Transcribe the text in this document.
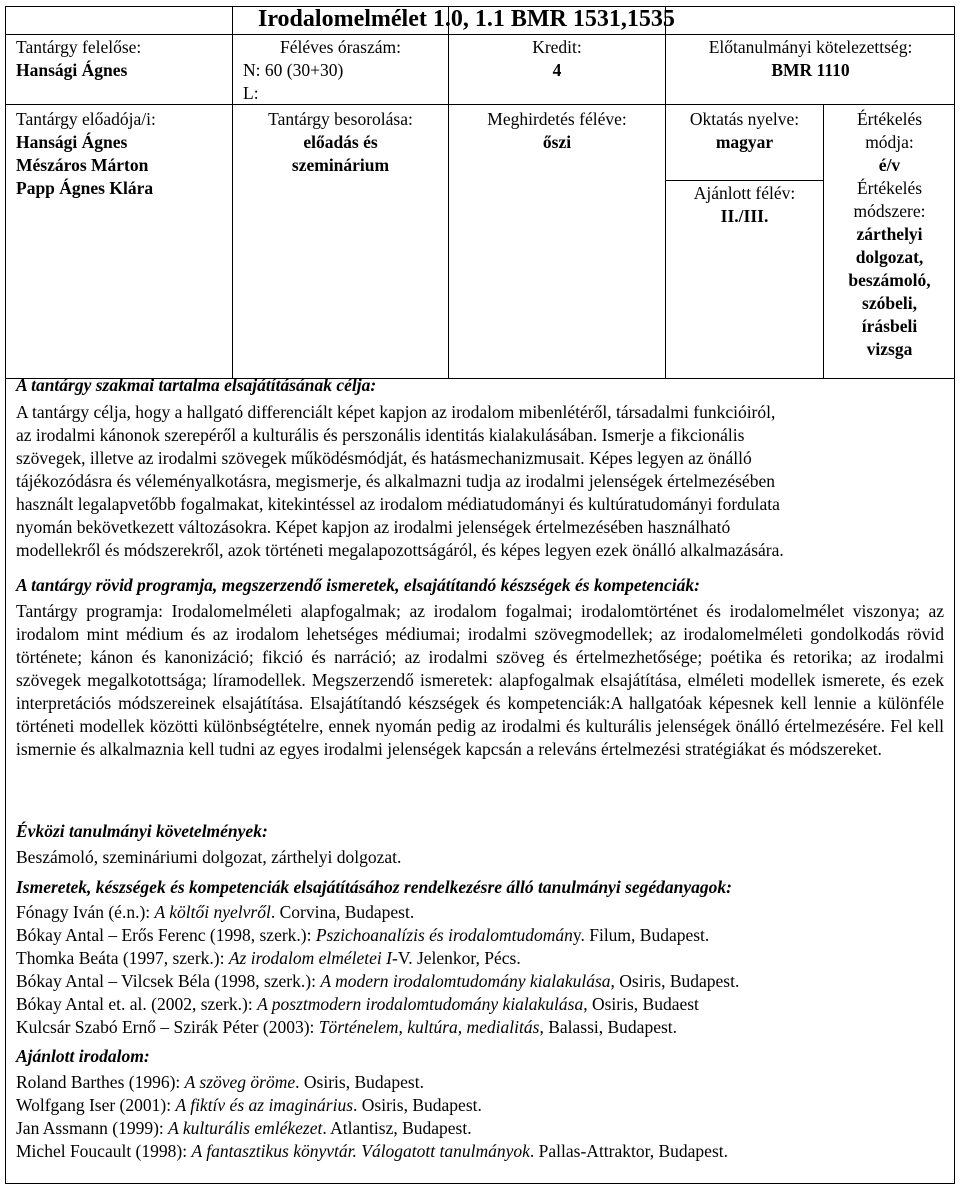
Irodalomelmélet 1.0, 1.1 BMR 1531,1535
Tantárgy felelőse:
Hansági Ágnes
Féléves óraszám:
N: 60 (30+30)
L:
Kredit:
4
Előtanulmányi kötelezettség:
BMR 1110
Tantárgy előadója/i:
Hansági Ágnes
Mészáros Márton
Papp Ágnes Klára
Tantárgy besorolása:
előadás és
szeminárium
Meghirdetés féléve:
őszi
Oktatás nyelve:
magyar
Ajánlott félév:
II./III.
Értékelés
módja:
é/v
Értékelés
módszere:
zárthelyi
dolgozat,
beszámoló,
szóbeli,
írásbeli
vizsga
A tantárgy szakmai tartalma elsajátításának célja:
A tantárgy célja, hogy a hallgató differenciált képet kapjon az irodalom mibenlétéről, társadalmi funkcióiról,
az irodalmi kánonok szerepéről a kulturális és perszonális identitás kialakulásában. Ismerje a fikcionális
szövegek, illetve az irodalmi szövegek működésmódját, és hatásmechanizmusait. Képes legyen az önálló
tájékozódásra és véleményalkotásra, megismerje, és alkalmazni tudja az irodalmi jelenségek értelmezésében
használt legalapvetőbb fogalmakat, kitekintéssel az irodalom médiatudományi és kultúratudományi fordulata
nyomán bekövetkezett változásokra. Képet kapjon az irodalmi jelenségek értelmezésében használható
modellekről és módszerekről, azok történeti megalapozottságáról, és képes legyen ezek önálló alkalmazására.
A tantárgy rövid programja, megszerzendő ismeretek, elsajátítandó készségek és kompetenciák:
Tantárgy programja: Irodalomelméleti alapfogalmak; az irodalom fogalmai; irodalomtörténet és irodalomelmélet viszonya; az irodalom mint médium és az irodalom lehetséges médiumai; irodalmi szövegmodellek; az irodalomelméleti gondolkodás rövid története; kánon és kanonizáció; fikció és narráció; az irodalmi szöveg és értelmezhetősége; poétika és retorika; az irodalmi szövegek megalkotottsága; líramodellek. Megszerzendő ismeretek: alapfogalmak elsajátítása, elméleti modellek ismerete, és ezek interpretációs módszereinek elsajátítása. Elsajátítandó készségek és kompetenciák:A hallgatóak képesnek kell lennie a különféle történeti modellek közötti különbségtételre, ennek nyomán pedig az irodalmi és kulturális jelenségek önálló értelmezésére. Fel kell ismernie és alkalmaznia kell tudni az egyes irodalmi jelenségek kapcsán a releváns értelmezési stratégiákat és módszereket.
Évközi tanulmányi követelmények:
Beszámoló, szemináriumi dolgozat, zárthelyi dolgozat.
Ismeretek, készségek és kompetenciák elsajátításához rendelkezésre álló tanulmányi segédanyagok:
Fónagy Iván (é.n.): A költői nyelvről. Corvina, Budapest.
Bókay Antal – Erős Ferenc (1998, szerk.): Pszichoanalízis és irodalomtudomány. Filum, Budapest.
Thomka Beáta (1997, szerk.): Az irodalom elméletei I-V. Jelenkor, Pécs.
Bókay Antal – Vilcsek Béla (1998, szerk.): A modern irodalomtudomány kialakulása, Osiris, Budapest.
Bókay Antal et. al. (2002, szerk.): A posztmodern irodalomtudomány kialakulása, Osiris, Budaest
Kulcsár Szabó Ernő – Szirák Péter (2003): Történelem, kultúra, medialitás, Balassi, Budapest.
Ajánlott irodalom:
Roland Barthes (1996): A szöveg öröme. Osiris, Budapest.
Wolfgang Iser (2001): A fiktív és az imaginárius. Osiris, Budapest.
Jan Assmann (1999): A kulturális emlékezet. Atlantisz, Budapest.
Michel Foucault (1998): A fantasztikus könyvtár. Válogatott tanulmányok. Pallas-Attraktor, Budapest.
